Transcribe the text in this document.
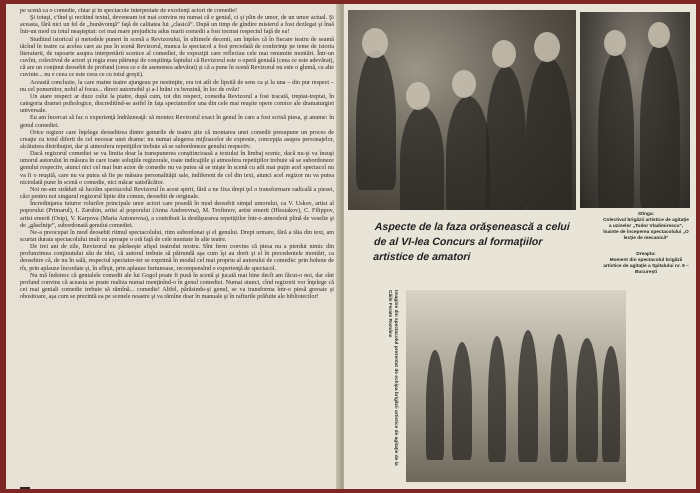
pe scenă ca o comedie, chiar şi în spectacole interpretate de excelenţi actori de comedie!

Şi totuşi, c'tînd şi recitind textul, deveneam tot mai convins nu numai că e genial, ci şi plin de umor, de un umor actual. Şi aceasta, fără nici un fel de „bunăvoinţă” faţă de calitatea lui „clasică”. După un timp de gîndire misterul a fost dezlegat şi însă într-un mod cu totul neaşteptat: cei mai mare prejudiciu adus marii comedii a fost tocmai respectul faţă de ea!

Studiind istoricul şi metodele puneri în scenă a Revizorului, în ultimele decenii, am înţeles că în fiecare teatru de seamă tăcînd în teatre ca acelea care au pus în scenă Revizorul, munca la spectacol a fost precedată de conferinţe pe teme de istoria literaturii, de rapoarte asupra interpretării scenice al comediei, de expoziţii care reflectau cele mai renumite montări. Într-un cuvînt, colectivul de actori şi regia erau pătrunşi de conştiinţa faptului că Revizorul este o operă genială (ceea ce este adevărat), că are un conţinut deosebit de profund (ceea ce e de asemenea adevărat) şi că a pune în scenă Revizorul nu este o glumă, ca alte cuvinte... nu e ceea ce este ceea ce cu totul greşit).

Această concluzie, la care maine teatre ajungeau pe nesimţite, era tot atît de lipsită de sens ca şi la una – din pur respect – nu cel pomenitor, nobil al focus... direct automobil şi a-l hrăni cu benzină, în loc de ovăz!

Un atare respect ar duce cului la piatre, după cum, tot din respect, comedia Revizorul a fost tracată, treptat-treptat, în categoria dramei psihologice, discreditînd-se astfel în faţa spectatorilor una din cele mai reuşite opere comice ale dramaturgiei universale.

Eu am încercat să fac o experienţă îndrăzneaţă: să montez Revizorul exact în genul în care a fost scrisă piesa, şi anume: în genul comediei.

Orice regizor care înţelege deosebirea dintre genurile de teatru ştie că montarea unei comedii presupune un proces de creaţie cu totul diferit de cel necesar unei drame: nu numai alegerea mijloacelor de expresie, concepţia asupra personajelor, alcătuirea distribuţiei, dar şi atmosfera repetiţiilor trebuie să se subordoneze genului respectiv.

Dacă regizorul comediei se va limita doar la transpunerea conştiincioasă a textului în limbaj scenic, dacă nu-şi va însuşi umorul autorului în măsura în care toate soluţiile regizorale, toate indicaţiile şi atmosfera repetiţiilor trebuie să se subordoneze genului respectiv, atunci nici cel mai bun actor de comedie nu va putea să se mişte în scenă cu atît mai puţin acel spectacol nu va fi o reuşită, care nu va putea să fie pe măsura personalităţii sale, indiferent de cel din text, atunci acel regizor nu va putea niciodată pune în scenă o comedie, nici măcar satisfăcător.

Noi ne-am străduit să lucrăm spectacolul Revizorul în acest spirit, fără a ne fixa drept ţel o transformare radicală a piesei, căci pentru noi singurul regizorul lipite din comun, deosebit de originale.

Încredinţarea tuturor rolurilor principale unor actori care posedă în mod deosebit simţul umorului, ca V. Uskov, artist al poporului (Primarul), I. Zarubin, artist al poporului (Anna Andreevna), M. Trofimov, artist emerit (Hlestakov), C. Filippov, artist emerit (Osip), V. Karpova (Maria Antonovna), a contribuit la desfăşurarea repetiţiilor într-o atmosferă plină de veselie şi de „găselniţe”, subordonată genului comediei.

Ne-a preocupat în mod deosebit ritmul spectacolului, ritm subordonat şi el genului. Drept urmare, fără a tăia din text, am scurtat durata spectacolului mult cu aproape o oră faţă de cele montate în alte teatre.

De trei ani de zile, Revizorul nu părăseşte afişul teatrului nostru. Sînt ferm convins că piesa nu a pierdut nimic din profunzimea conţinutului său de idei, că autorul trebuie să pătrundă aşa cum îşi au dorit şi el în precedentele montări, ca deosebire că, de nu în sală, respectul spectator-ter se exprimă în modul cel mai propriu al autorului de comedie: prin hohote de rîs, prin aplauze încordate şi, în sfîrşit, prin aplauze furtunoase, recompensînd o experienţă de spectacol.

Nu mă îndoiesc că genialele comedii ale lui Gogol poate fi pusă în scenă şi jucată mai bine decît am făcut-o noi, dar sînt profund convins că aceasta se poate realiza numai menţinînd-o în genul comediei. Numai atunci, cînd regizorii vor înţelege că cei mai geniali comedie trebuie să rămînă... comedie! Altfel, părăsindu-şi genul, se va transforma într-o piesă greoaie şi obositoare, aşa cum se prezintă ea pe scenele noastre şi va rămîne doar în manuale şi în rafturile prăfuite ale bibliotecilor!

Aspecte de la faza orăşenească a celui de al VI-lea Concurs al formaţiilor artistice de amatori
Stînga:
Colectivul brigăzii artistice de agitaţie a uzinelor „Tudor Vladimirescu”, înainte de începerea spectacolului „O lecţie de mecanică”
Dreapta:
Moment din spectacolul brigăzii artistice de agitaţie a Spitalului nr. 9 – Bucureşti
Imagine din spectacolul prezentat de echipa brigăzii artistice de agitaţie de la Căile Ferate Române
